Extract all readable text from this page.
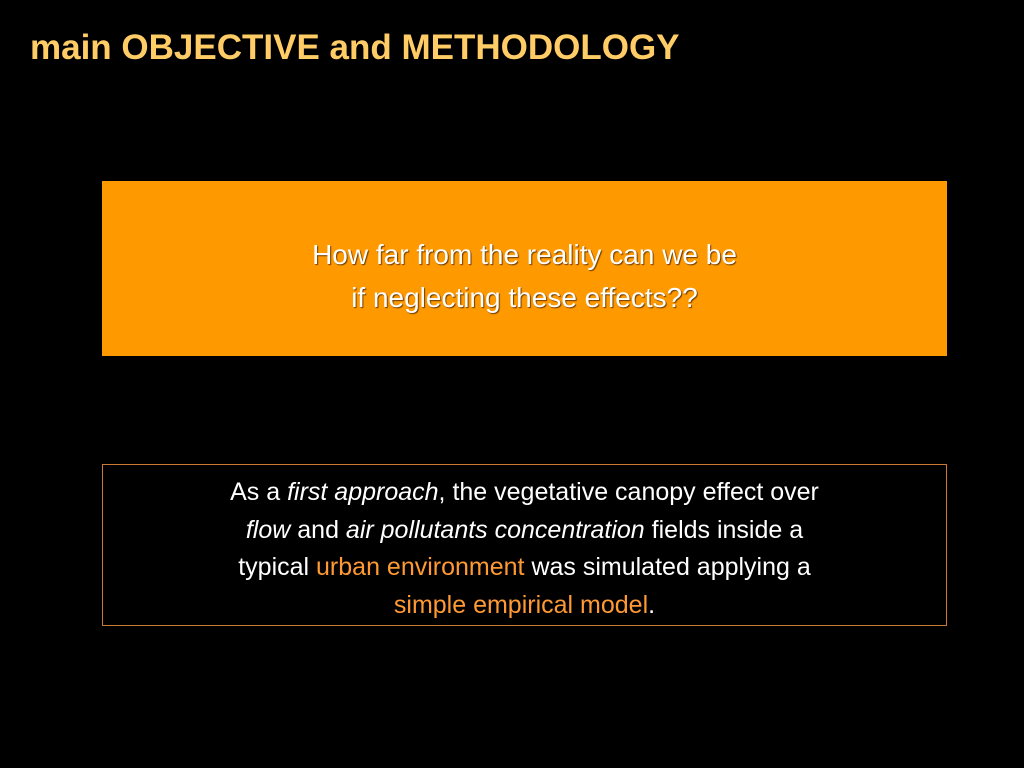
main OBJECTIVE and METHODOLOGY
How far from the reality can we be
if neglecting these effects??
As a first approach, the vegetative canopy effect over
flow and air pollutants concentration fields inside a
typical urban environment was simulated applying a
simple empirical model.
